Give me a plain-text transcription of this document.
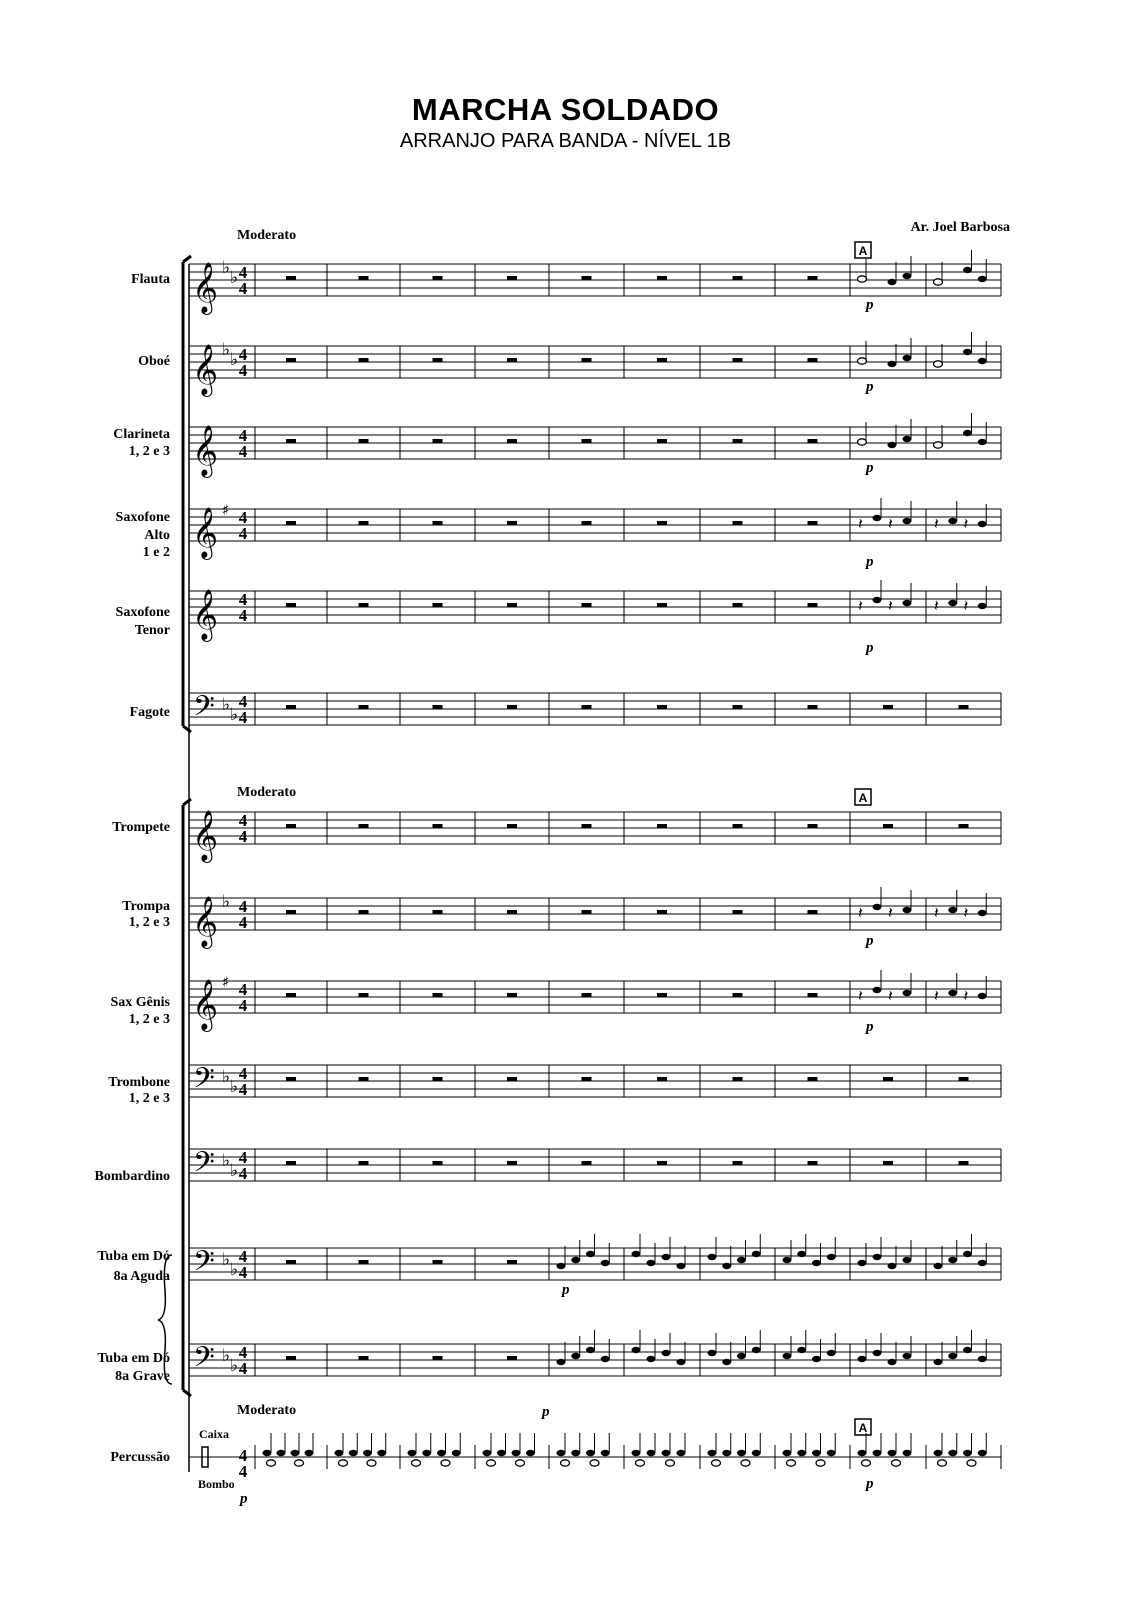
MARCHA SOLDADO
ARRANJO PARA BANDA - NÍVEL 1B
Ar. Joel Barbosa
Flauta 𝄞 ♭ ♭ 4
4
Oboé 𝄞 ♭ ♭ 4
4
Clarineta
1, 2 e 3 𝄞 4
4
Saxofone
Alto
1 e 2 𝄞 ♯ 4
4
𝄽 𝄽	𝄽 𝄽
Saxofone
Tenor 𝄞 4
4
𝄽 𝄽	𝄽 𝄽
Fagote 𝄢 ♭ ♭
4
4
Trompete 𝄞 4
4
Trompa
1, 2 e 3 𝄞 ♭ 4
4
𝄽 𝄽	𝄽 𝄽
Sax Gênis
1, 2 e 3 𝄞 ♯ 4
4
𝄽 𝄽	𝄽 𝄽
Trombone
1, 2 e 3 𝄢 ♭ ♭
4
4
Bombardino 𝄢 ♭ ♭
4
4
Tuba em Dó
8a Aguda 𝄢 ♭ ♭
4
4
Tuba em Dó
8a Grave 𝄢 ♭ ♭
4
4
Percussão	4
4
Moderato
Moderato
Moderato
A
A
A
p
p
p
p
p
p
p
p
p
p
p
Caixa
Bombo
